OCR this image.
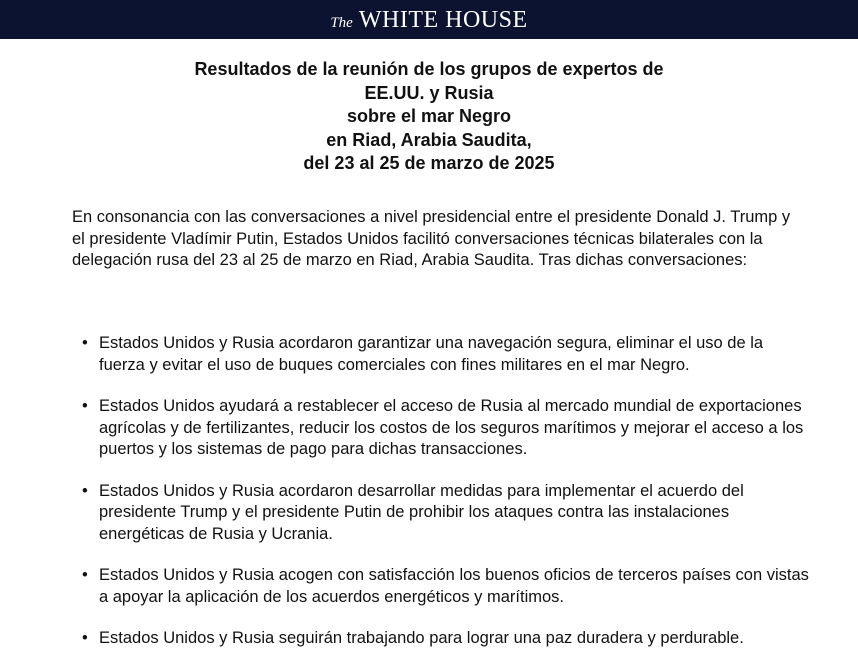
The WHITE HOUSE
Resultados de la reunión de los grupos de expertos de
EE.UU. y Rusia
sobre el mar Negro
en Riad, Arabia Saudita,
del 23 al 25 de marzo de 2025

En consonancia con las conversaciones a nivel presidencial entre el presidente Donald J. Trump y el presidente Vladímir Putin, Estados Unidos facilitó conversaciones técnicas bilaterales con la delegación rusa del 23 al 25 de marzo en Riad, Arabia Saudita. Tras dichas conversaciones:

• Estados Unidos y Rusia acordaron garantizar una navegación segura, eliminar el uso de la fuerza y evitar el uso de buques comerciales con fines militares en el mar Negro.
• Estados Unidos ayudará a restablecer el acceso de Rusia al mercado mundial de exportaciones agrícolas y de fertilizantes, reducir los costos de los seguros marítimos y mejorar el acceso a los puertos y los sistemas de pago para dichas transacciones.
• Estados Unidos y Rusia acordaron desarrollar medidas para implementar el acuerdo del presidente Trump y el presidente Putin de prohibir los ataques contra las instalaciones energéticas de Rusia y Ucrania.
• Estados Unidos y Rusia acogen con satisfacción los buenos oficios de terceros países con vistas a apoyar la aplicación de los acuerdos energéticos y marítimos.
• Estados Unidos y Rusia seguirán trabajando para lograr una paz duradera y perdurable.
